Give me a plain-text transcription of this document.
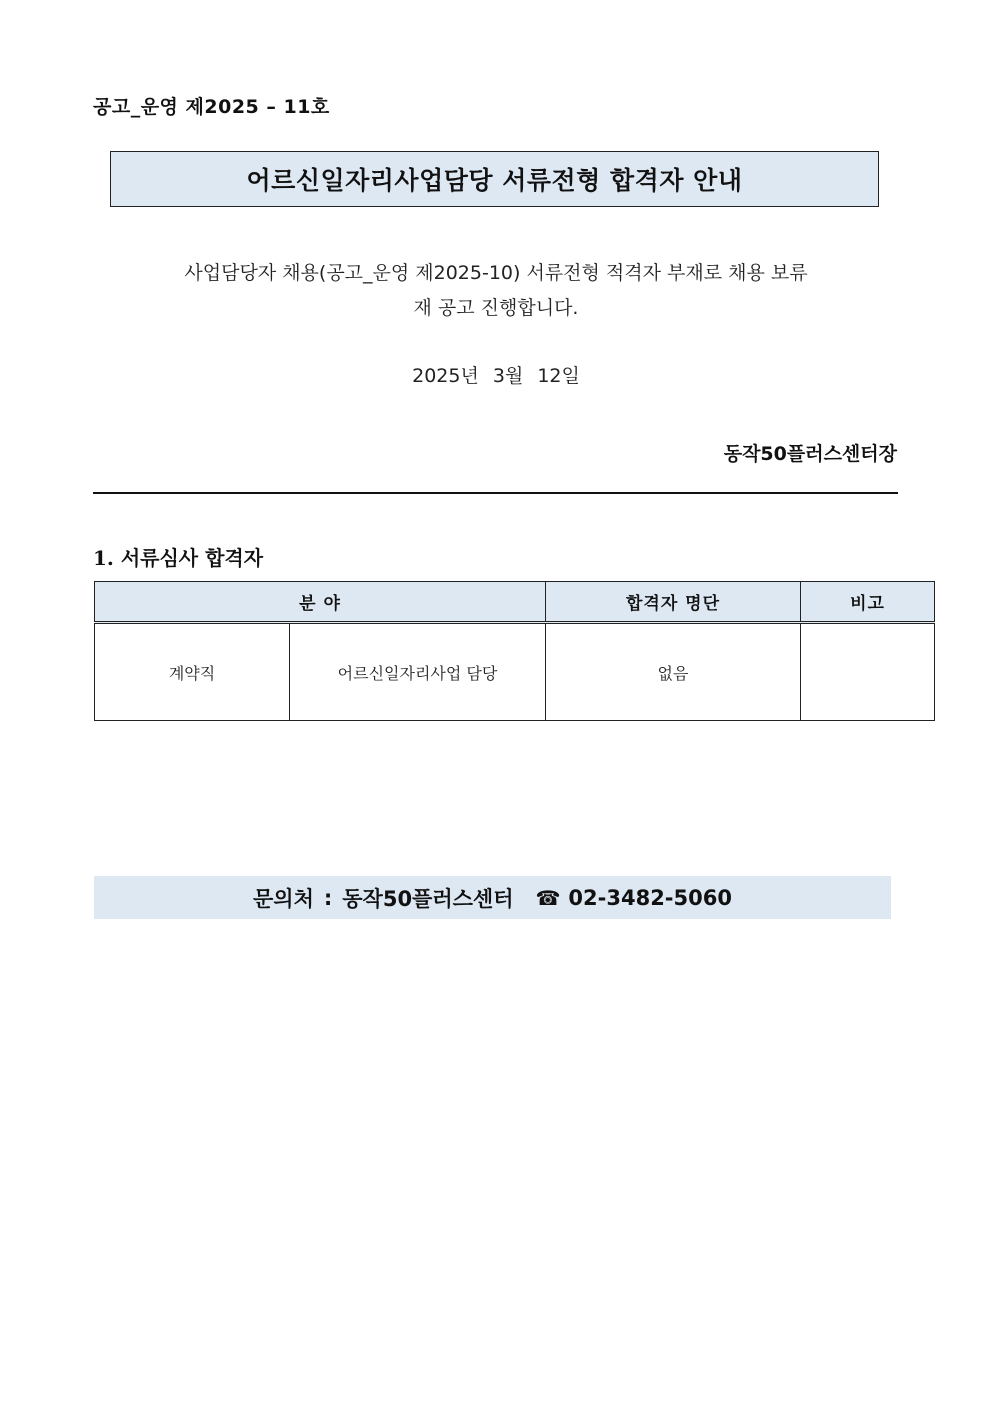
공고_운영 제2025 – 11호
어르신일자리사업담당 서류전형 합격자 안내
사업담당자 채용(공고_운영 제2025-10) 서류전형 적격자 부재로 채용 보류
재 공고 진행합니다.
2025년 3월 12일
동작50플러스센터장
1. 서류심사 합격자
분 야		합격자 명단	비고
계약직	어르신일자리사업 담당	없음	
문의처 : 동작50플러스센터 ☎ 02-3482-5060
